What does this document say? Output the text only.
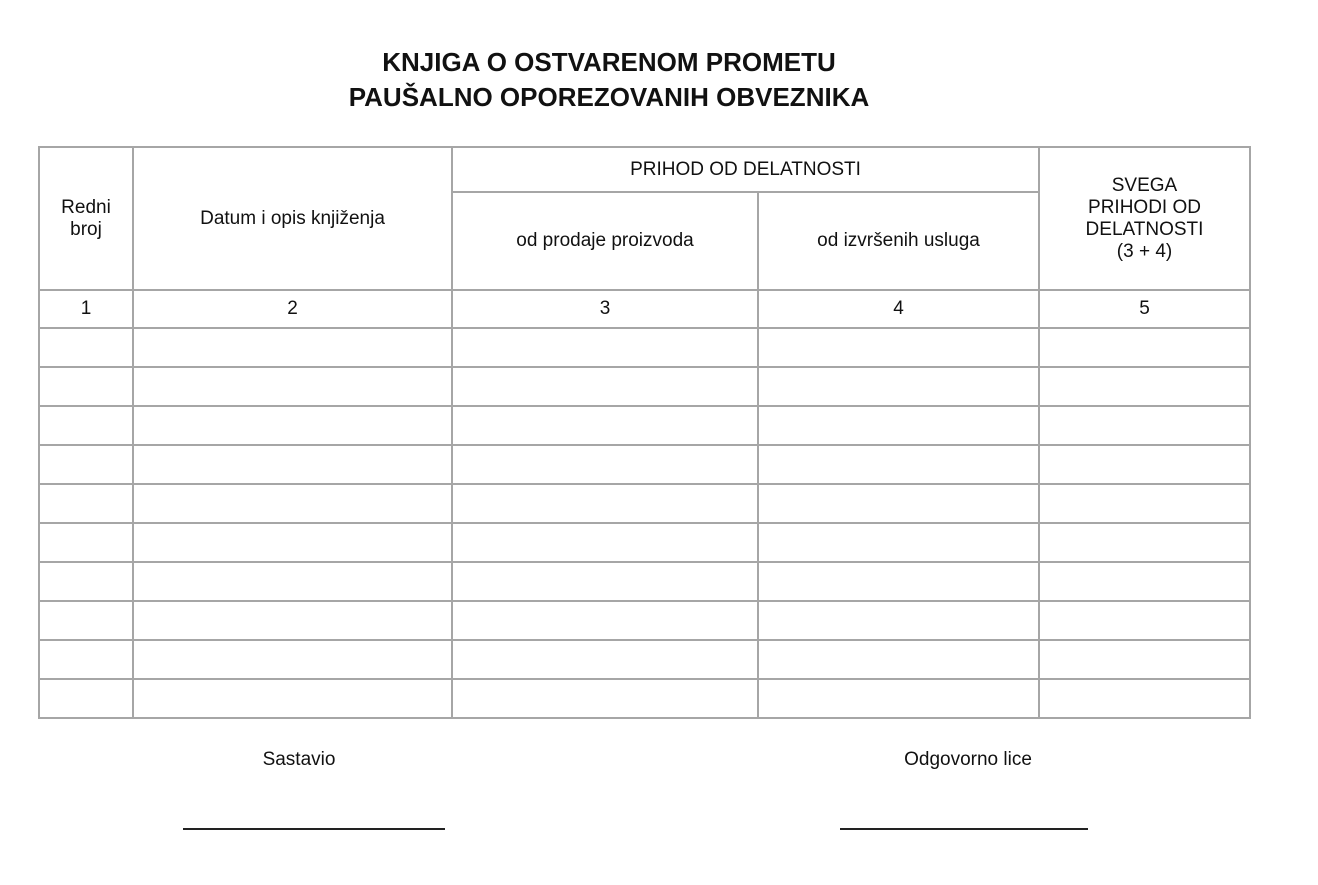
KNJIGA O OSTVARENOM PROMETU
PAUŠALNO OPOREZOVANIH OBVEZNIKA
Redni broj	Datum i opis knjiženja	PRIHOD OD DELATNOSTI		SVEGA
PRIHODI OD
DELATNOSTI
(3 + 4)

		od prodaje proizvoda	od izvršenih usluga	
1	2	3	4	5

Sastavio	Odgovorno lice
